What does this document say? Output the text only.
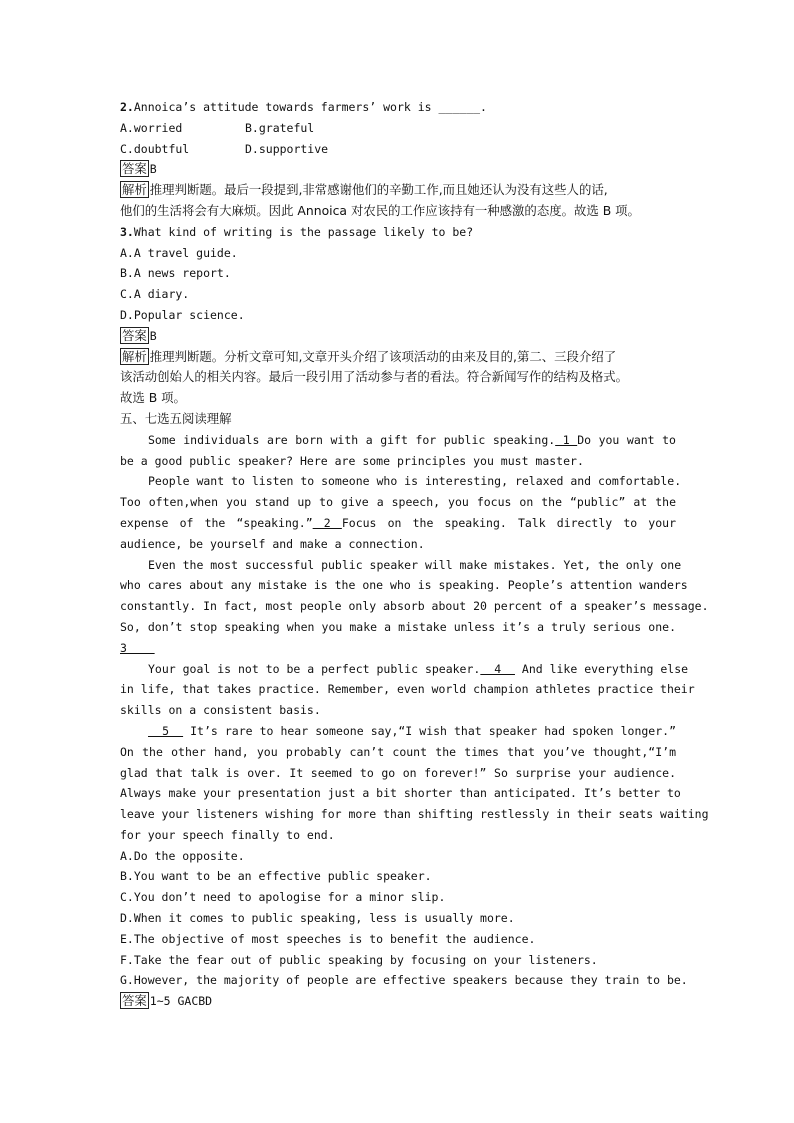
2.Annoica’s attitude towards farmers’ work is ______.
A.worried	B.grateful
C.doubtful	D.supportive
答案 B
解析 推理判断题。最后一段提到,非常感谢他们的辛勤工作,而且她还认为没有这些人的话,
他们的生活将会有大麻烦。因此 Annoica 对农民的工作应该持有一种感激的态度。故选 B 项。
3.What kind of writing is the passage likely to be?
A.A travel guide.
B.A news report.
C.A diary.
D.Popular science.
答案 B
解析 推理判断题。分析文章可知,文章开头介绍了该项活动的由来及目的,第二、三段介绍了
该活动创始人的相关内容。最后一段引用了活动参与者的看法。符合新闻写作的结构及格式。
故选 B 项。
五、七选五阅读理解
Some individuals are born with a gift for public speaking. 1 Do you want to
be a good public speaker? Here are some principles you must master.
People want to listen to someone who is interesting, relaxed and comfortable.
Too often,when you stand up to give a speech, you focus on the “public” at the
expense of the “speaking.” 2 Focus on the speaking. Talk directly to your
audience, be yourself and make a connection.
Even the most successful public speaker will make mistakes. Yet, the only one
who cares about any mistake is the one who is speaking. People’s attention wanders
constantly. In fact, most people only absorb about 20 percent of a speaker’s message.
So, don’t stop speaking when you make a mistake unless it’s a truly serious one.
3
Your goal is not to be a perfect public speaker.  4   And like everything else
in life, that takes practice. Remember, even world champion athletes practice their
skills on a consistent basis.
5   It’s rare to hear someone say,“I wish that speaker had spoken longer.”
On the other hand, you probably can’t count the times that you’ve thought,“I’m
glad that talk is over. It seemed to go on forever!” So surprise your audience.
Always make your presentation just a bit shorter than anticipated. It’s better to
leave your listeners wishing for more than shifting restlessly in their seats waiting
for your speech finally to end.
A.Do the opposite.
B.You want to be an effective public speaker.
C.You don’t need to apologise for a minor slip.
D.When it comes to public speaking, less is usually more.
E.The objective of most speeches is to benefit the audience.
F.Take the fear out of public speaking by focusing on your listeners.
G.However, the majority of people are effective speakers because they train to be.
答案 1~5 GACBD
